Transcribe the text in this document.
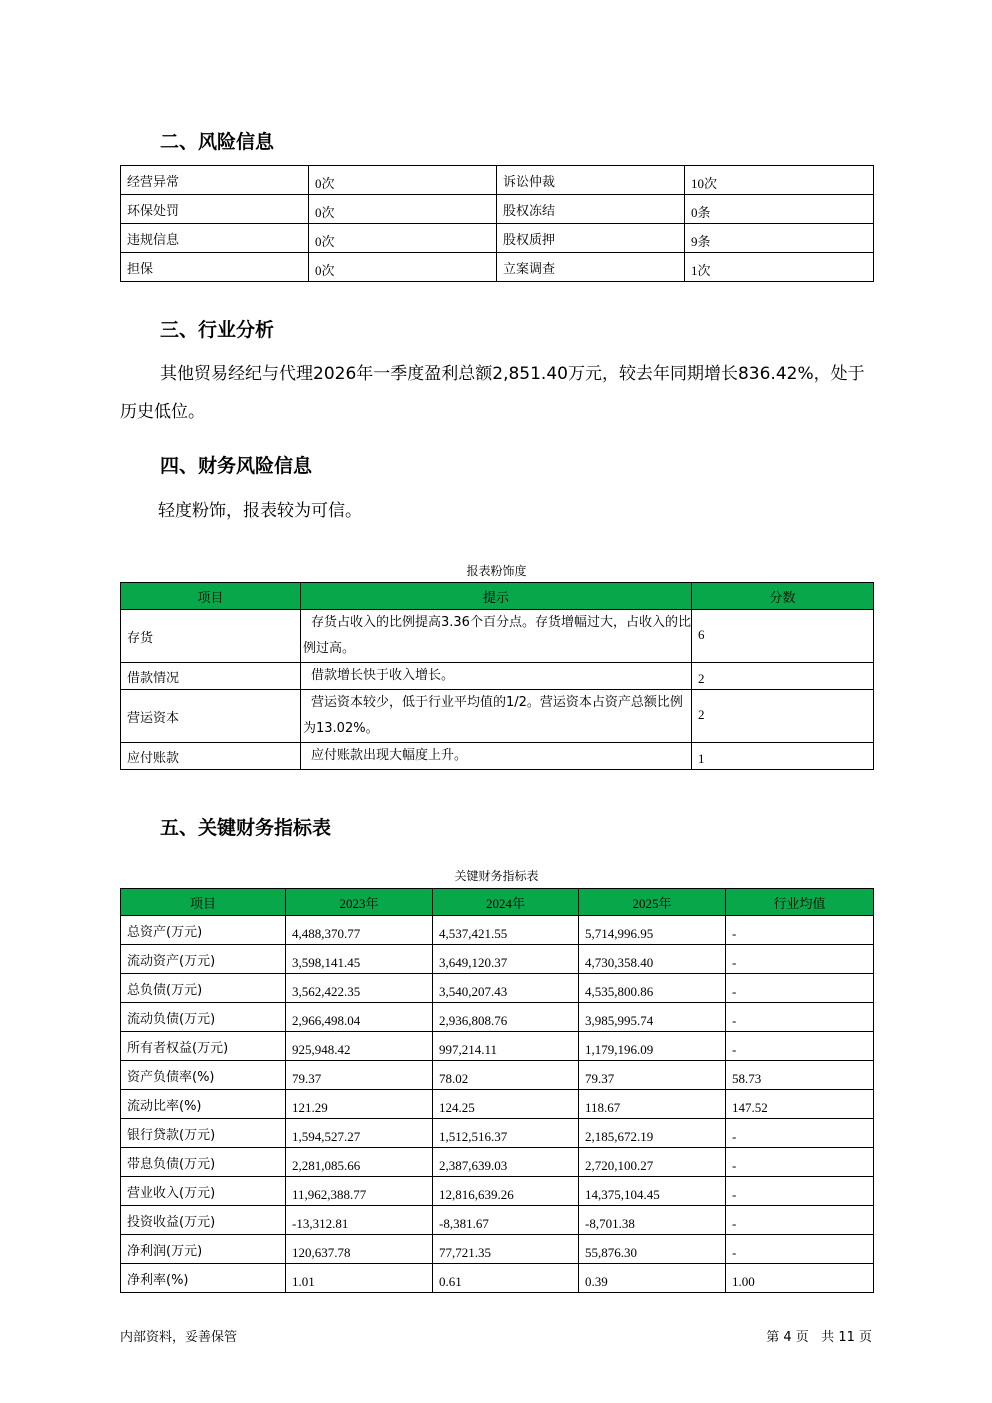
二、风险信息
经营异常	0次	诉讼仲裁	10次
环保处罚	0次	股权冻结	0条
违规信息	0次	股权质押	9条
担保	0次	立案调查	1次
三、行业分析

其他贸易经纪与代理2026年一季度盈利总额2,851.40万元，较去年同期增长836.42%，处于历史低位。

四、财务风险信息

轻度粉饰，报表较为可信。

报表粉饰度
项目	提示	分数
存货	存货占收入的比例提高3.36个百分点。存货增幅过大，占收入的比
例过高。	6
借款情况	借款增长快于收入增长。	2
营运资本	营运资本较少，低于行业平均值的1/2。营运资本占资产总额比例
为13.02%。	2
应付账款	应付账款出现大幅度上升。	1
五、关键财务指标表
关键财务指标表
项目	2023年	2024年	2025年	行业均值
总资产(万元)	4,488,370.77	4,537,421.55	5,714,996.95	-
流动资产(万元)	3,598,141.45	3,649,120.37	4,730,358.40	-
总负债(万元)	3,562,422.35	3,540,207.43	4,535,800.86	-
流动负债(万元)	2,966,498.04	2,936,808.76	3,985,995.74	-
所有者权益(万元)	925,948.42	997,214.11	1,179,196.09	-
资产负债率(%)	79.37	78.02	79.37	58.73
流动比率(%)	121.29	124.25	118.67	147.52
银行贷款(万元)	1,594,527.27	1,512,516.37	2,185,672.19	-
带息负债(万元)	2,281,085.66	2,387,639.03	2,720,100.27	-
营业收入(万元)	11,962,388.77	12,816,639.26	14,375,104.45	-
投资收益(万元)	-13,312.81	-8,381.67	-8,701.38	-
净利润(万元)	120,637.78	77,721.35	55,876.30	-
净利率(%)	1.01	0.61	0.39	1.00
内部资料，妥善保管	第 4 页   共 11 页
